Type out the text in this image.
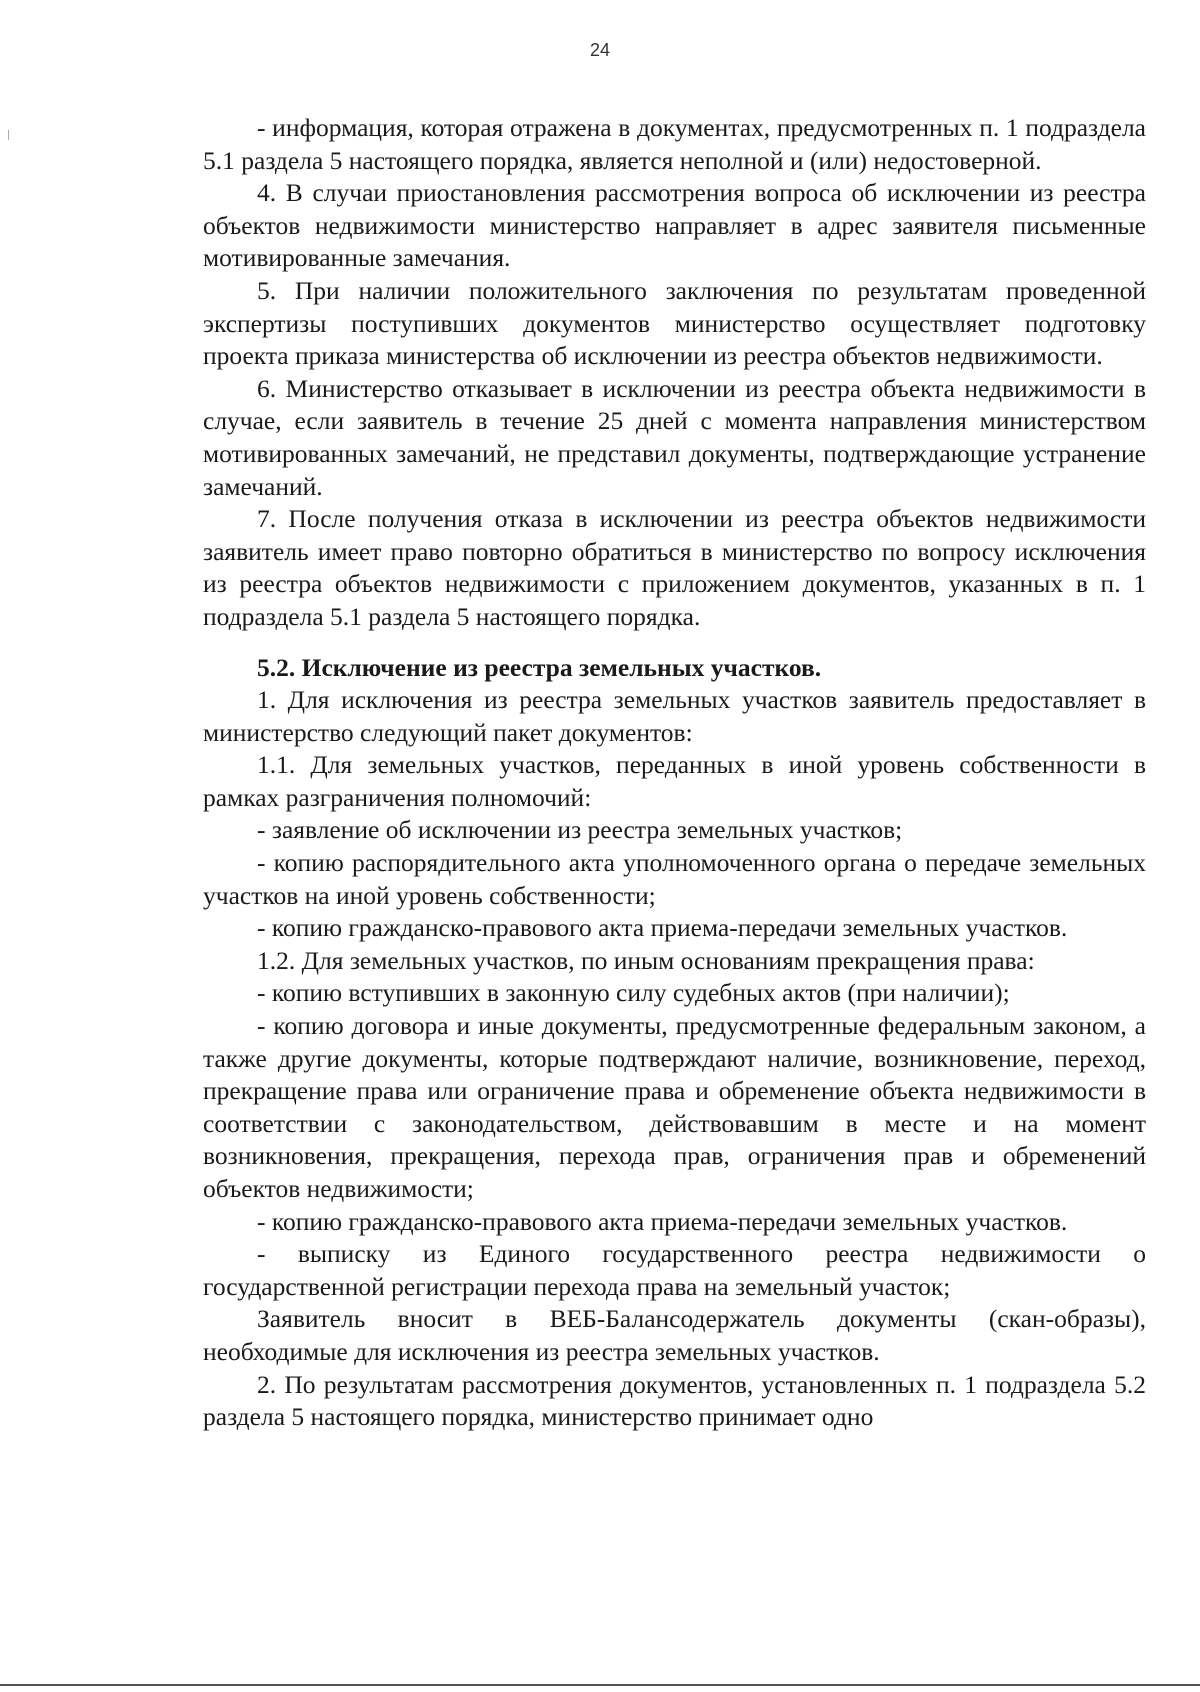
24

- информация, которая отражена в документах, предусмотренных п. 1 подраздела 5.1 раздела 5 настоящего порядка, является неполной и (или) недостоверной.

4. В случаи приостановления рассмотрения вопроса об исключении из реестра объектов недвижимости министерство направляет в адрес заявителя письменные мотивированные замечания.

5. При наличии положительного заключения по результатам проведенной экспертизы поступивших документов министерство осуществляет подготовку проекта приказа министерства об исключении из реестра объектов недвижимости.

6. Министерство отказывает в исключении из реестра объекта недвижимости в случае, если заявитель в течение 25 дней с момента направления министерством мотивированных замечаний, не представил документы, подтверждающие устранение замечаний.

7. После получения отказа в исключении из реестра объектов недвижимости заявитель имеет право повторно обратиться в министерство по вопросу исключения из реестра объектов недвижимости с приложением документов, указанных в п. 1 подраздела 5.1 раздела 5 настоящего порядка.

5.2. Исключение из реестра земельных участков.

1. Для исключения из реестра земельных участков заявитель предоставляет в министерство следующий пакет документов:

1.1. Для земельных участков, переданных в иной уровень собственности в рамках разграничения полномочий:

- заявление об исключении из реестра земельных участков;

- копию распорядительного акта уполномоченного органа о передаче земельных участков на иной уровень собственности;

- копию гражданско-правового акта приема-передачи земельных участков.

1.2. Для земельных участков, по иным основаниям прекращения права:

- копию вступивших в законную силу судебных актов (при наличии);

- копию договора и иные документы, предусмотренные федеральным законом, а также другие документы, которые подтверждают наличие, возникновение, переход, прекращение права или ограничение права и обременение объекта недвижимости в соответствии с законодательством, действовавшим в месте и на момент возникновения, прекращения, перехода прав, ограничения прав и обременений объектов недвижимости;

- копию гражданско-правового акта приема-передачи земельных участков.

- выписку из Единого государственного реестра недвижимости о государственной регистрации перехода права на земельный участок;

Заявитель вносит в ВЕБ-Балансодержатель документы (скан-образы), необходимые для исключения из реестра земельных участков.

2. По результатам рассмотрения документов, установленных п. 1 подраздела 5.2 раздела 5 настоящего порядка, министерство принимает одно
